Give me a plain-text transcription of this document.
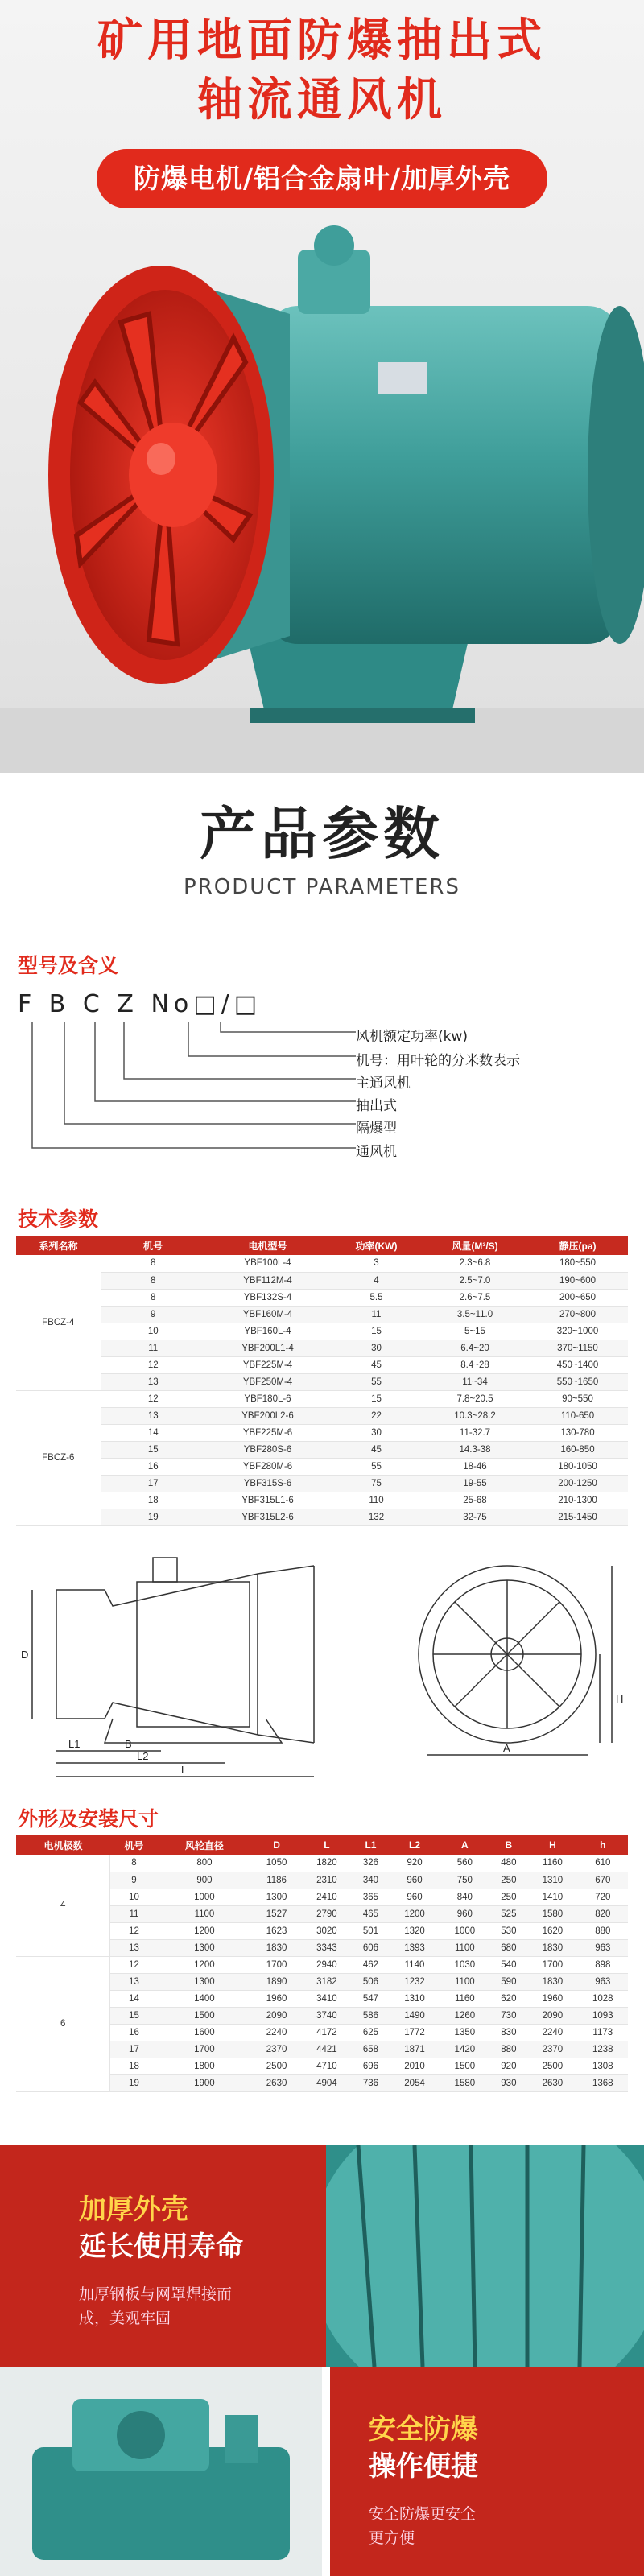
矿用地面防爆抽出式
轴流通风机
防爆电机/铝合金扇叶/加厚外壳
产品参数
PRODUCT PARAMETERS
型号及含义
F B C Z No□/□
风机额定功率(kw)
机号：用叶轮的分米数表示
主通风机
抽出式
隔爆型
通风机
技术参数
系列名称	机号	电机型号	功率(KW)	风量(M³/S)	静压(pa)
FBCZ-4	8	YBF100L-4	3	2.3~6.8	180~550
	8	YBF112M-4	4	2.5~7.0	190~600
	8	YBF132S-4	5.5	2.6~7.5	200~650
	9	YBF160M-4	11	3.5~11.0	270~800
	10	YBF160L-4	15	5~15	320~1000
	11	YBF200L1-4	30	6.4~20	370~1150
	12	YBF225M-4	45	8.4~28	450~1400
	13	YBF250M-4	55	11~34	550~1650
FBCZ-6	12	YBF180L-6	15	7.8~20.5	90~550
	13	YBF200L2-6	22	10.3~28.2	110-650
	14	YBF225M-6	30	11-32.7	130-780
	15	YBF280S-6	45	14.3-38	160-850
	16	YBF280M-6	55	18-46	180-1050
	17	YBF315S-6	75	19-55	200-1250
	18	YBF315L1-6	110	25-68	210-1300
	19	YBF315L2-6	132	32-75	215-1450
D
L1	B
L2
L
A
H
外形及安装尺寸
电机极数	机号	风轮直径	D	L	L1	L2	A	B	H	h
4	8	800	1050	1820	326	920	560	480	1160	610
	9	900	1186	2310	340	960	750	250	1310	670
	10	1000	1300	2410	365	960	840	250	1410	720
	11	1100	1527	2790	465	1200	960	525	1580	820
	12	1200	1623	3020	501	1320	1000	530	1620	880
	13	1300	1830	3343	606	1393	1100	680	1830	963
6	12	1200	1700	2940	462	1140	1030	540	1700	898
	13	1300	1890	3182	506	1232	1100	590	1830	963
	14	1400	1960	3410	547	1310	1160	620	1960	1028
	15	1500	2090	3740	586	1490	1260	730	2090	1093
	16	1600	2240	4172	625	1772	1350	830	2240	1173
	17	1700	2370	4421	658	1871	1420	880	2370	1238
	18	1800	2500	4710	696	2010	1500	920	2500	1308
	19	1900	2630	4904	736	2054	1580	930	2630	1368
加厚外壳
延长使用寿命
加厚钢板与网罩焊接而
成，美观牢固
安全防爆
操作便捷
安全防爆更安全
更方便
